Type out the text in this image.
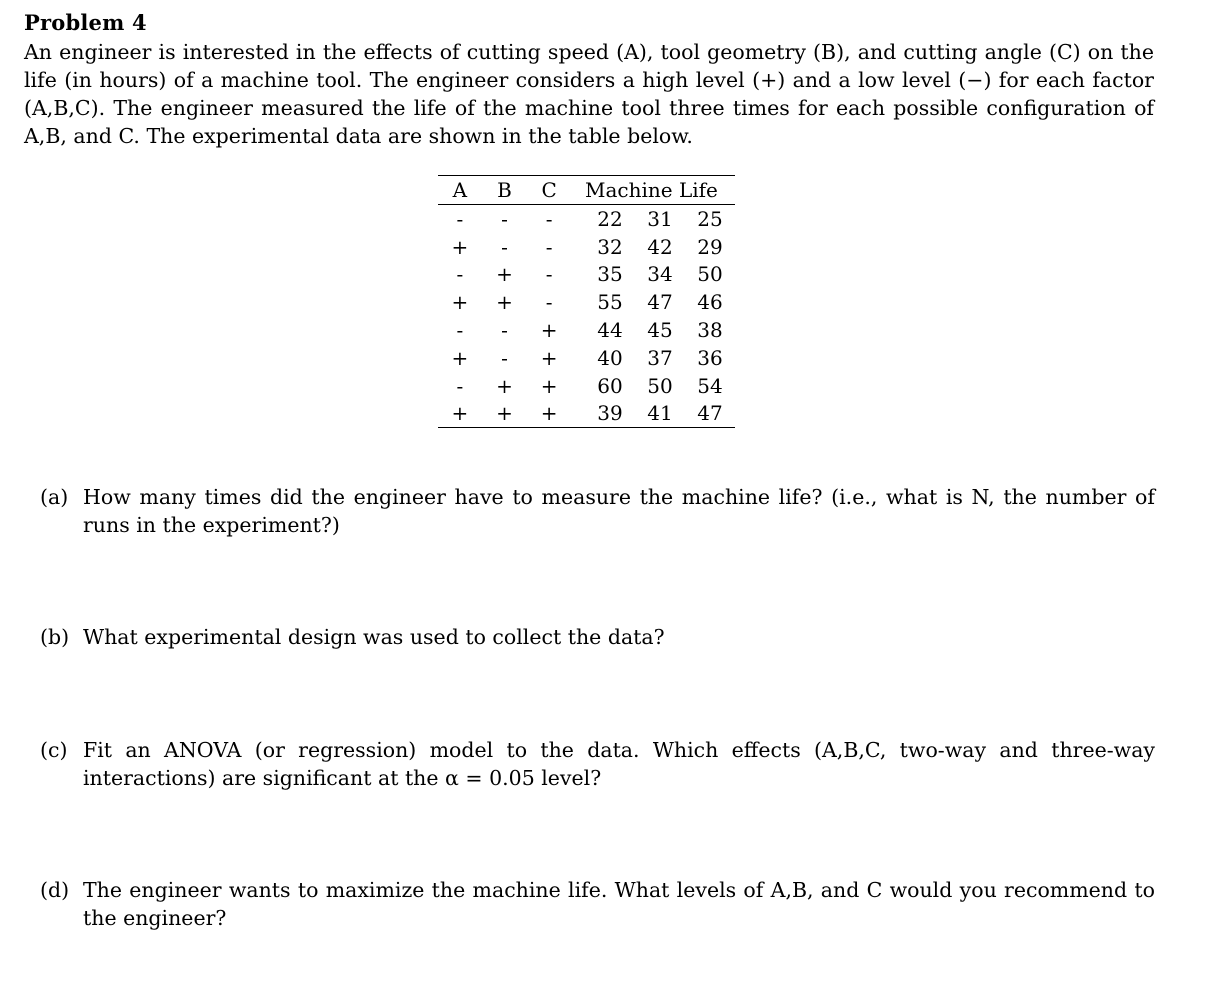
Problem 4

An engineer is interested in the effects of cutting speed (A), tool geometry (B), and cutting angle (C) on the life (in hours) of a machine tool. The engineer considers a high level (+) and a low level (−) for each factor (A,B,C). The engineer measured the life of the machine tool three times for each possible configuration of A,B, and C. The experimental data are shown in the table below.

A	B	C	Machine Life
-	-	-	22 31 25

+	-	-	32 42 29

-	+	-	35 34 50

+	+	-	55 47 46

-	-	+	44 45 38

+	-	+	40 37 36

-	+	+	60 50 54

+	+	+	39 41 47
(a) How many times did the engineer have to measure the machine life? (i.e., what is N, the number of runs in the experiment?)
(b) What experimental design was used to collect the data?
(c) Fit an ANOVA (or regression) model to the data. Which effects (A,B,C, two-way and three-way interactions) are significant at the α = 0.05 level?
(d) The engineer wants to maximize the machine life. What levels of A,B, and C would you recommend to the engineer?
